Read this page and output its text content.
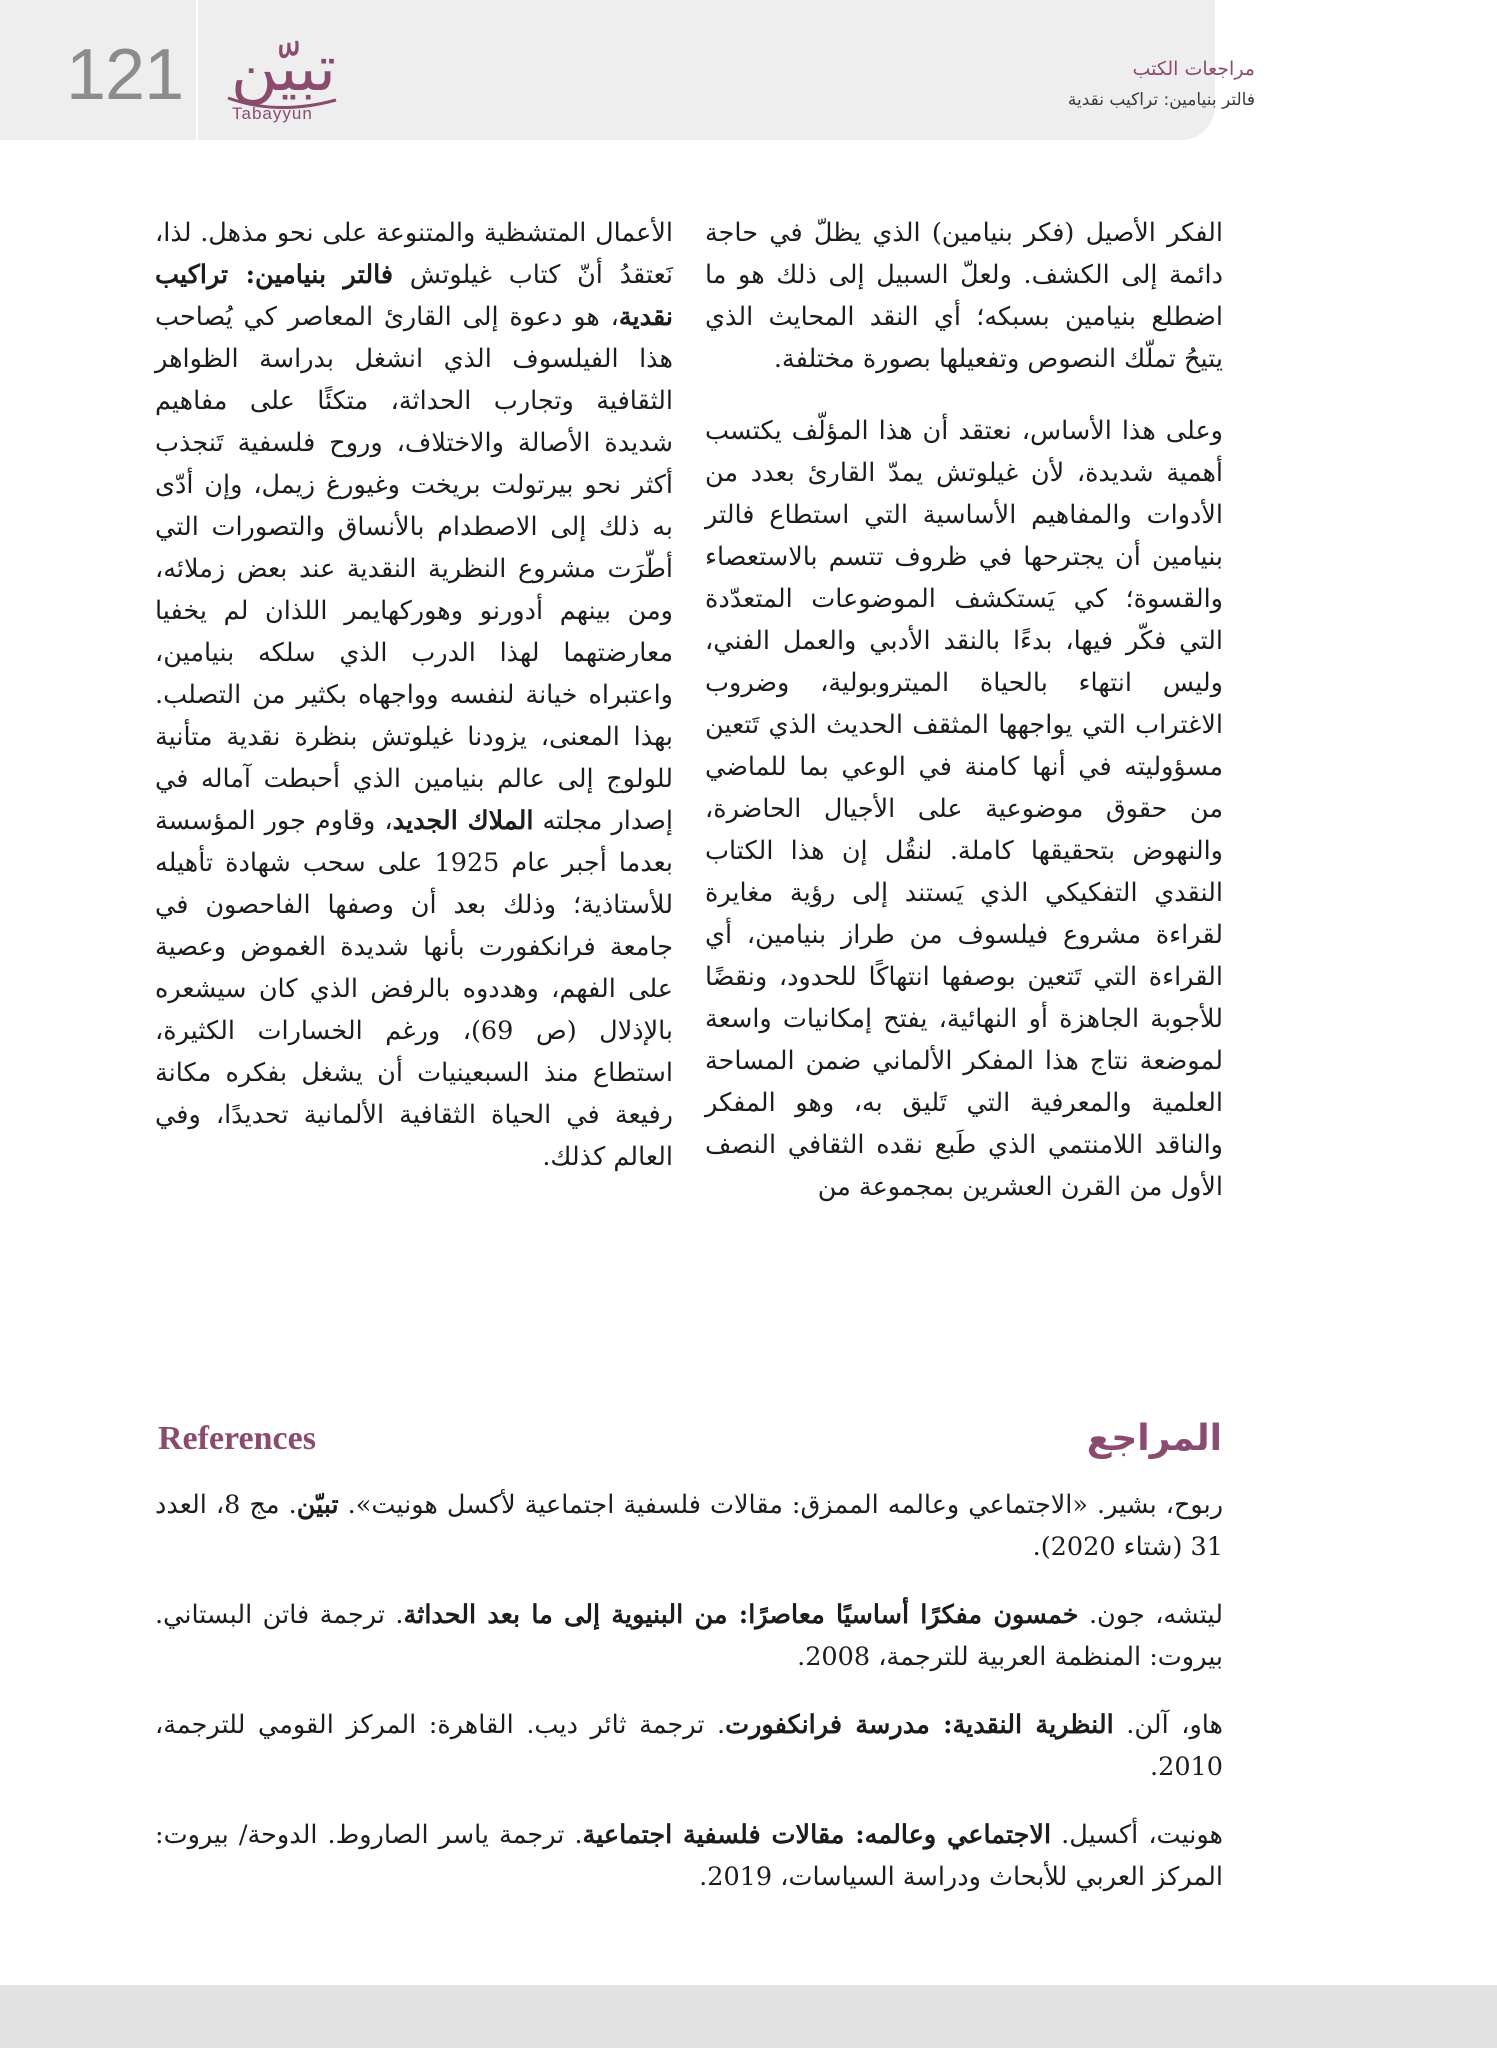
121 تبيّن
Tabayyun
مراجعات الكتب
فالتر بنيامين: تراكيب نقدية

الفكر الأصيل (فكر بنيامين) الذي يظلّ في حاجة دائمة إلى الكشف. ولعلّ السبيل إلى ذلك هو ما اضطلع بنيامين بسبكه؛ أي النقد المحايث الذي يتيحُ تملّك النصوص وتفعيلها بصورة مختلفة.

وعلى هذا الأساس، نعتقد أن هذا المؤلّف يكتسب أهمية شديدة، لأن غيلوتش يمدّ القارئ بعدد من الأدوات والمفاهيم الأساسية التي استطاع فالتر بنيامين أن يجترحها في ظروف تتسم بالاستعصاء والقسوة؛ كي يَستكشف الموضوعات المتعدّدة التي فكّر فيها، بدءًا بالنقد الأدبي والعمل الفني، وليس انتهاء بالحياة الميتروبولية، وضروب الاغتراب التي يواجهها المثقف الحديث الذي تَتعين مسؤوليته في أنها كامنة في الوعي بما للماضي من حقوق موضوعية على الأجيال الحاضرة، والنهوض بتحقيقها كاملة. لنقُل إن هذا الكتاب النقدي التفكيكي الذي يَستند إلى رؤية مغايرة لقراءة مشروع فيلسوف من طراز بنيامين، أي القراءة التي تَتعين بوصفها انتهاكًا للحدود، ونقضًا للأجوبة الجاهزة أو النهائية، يفتح إمكانيات واسعة لموضعة نتاج هذا المفكر الألماني ضمن المساحة العلمية والمعرفية التي تَليق به، وهو المفكر والناقد اللامنتمي الذي طَبع نقده الثقافي النصف الأول من القرن العشرين بمجموعة من

الأعمال المتشظية والمتنوعة على نحو مذهل. لذا، نَعتقدُ أنّ كتاب غيلوتش فالتر بنيامين: تراكيب نقدية، هو دعوة إلى القارئ المعاصر كي يُصاحب هذا الفيلسوف الذي انشغل بدراسة الظواهر الثقافية وتجارب الحداثة، متكئًا على مفاهيم شديدة الأصالة والاختلاف، وروح فلسفية تَنجذب أكثر نحو بيرتولت بريخت وغيورغ زيمل، وإن أدّى به ذلك إلى الاصطدام بالأنساق والتصورات التي أطّرَت مشروع النظرية النقدية عند بعض زملائه، ومن بينهم أدورنو وهوركهايمر اللذان لم يخفيا معارضتهما لهذا الدرب الذي سلكه بنيامين، واعتبراه خيانة لنفسه وواجهاه بكثير من التصلب. بهذا المعنى، يزودنا غيلوتش بنظرة نقدية متأنية للولوج إلى عالم بنيامين الذي أحبطت آماله في إصدار مجلته الملاك الجديد، وقاوم جور المؤسسة بعدما أجبر عام 1925 على سحب شهادة تأهيله للأستاذية؛ وذلك بعد أن وصفها الفاحصون في جامعة فرانكفورت بأنها شديدة الغموض وعصية على الفهم، وهددوه بالرفض الذي كان سيشعره بالإذلال (ص 69)، ورغم الخسارات الكثيرة، استطاع منذ السبعينيات أن يشغل بفكره مكانة رفيعة في الحياة الثقافية الألمانية تحديدًا، وفي العالم كذلك.

المراجع
References
ربوح، بشير. «الاجتماعي وعالمه الممزق: مقالات فلسفية اجتماعية لأكسل هونيت». تبيّن. مج 8، العدد 31 (شتاء 2020).
ليتشه، جون. خمسون مفكرًا أساسيًا معاصرًا: من البنيوية إلى ما بعد الحداثة. ترجمة فاتن البستاني. بيروت: المنظمة العربية للترجمة، 2008.
هاو، آلن. النظرية النقدية: مدرسة فرانكفورت. ترجمة ثائر ديب. القاهرة: المركز القومي للترجمة، 2010.
هونيت، أكسيل. الاجتماعي وعالمه: مقالات فلسفية اجتماعية. ترجمة ياسر الصاروط. الدوحة/ بيروت: المركز العربي للأبحاث ودراسة السياسات، 2019.
